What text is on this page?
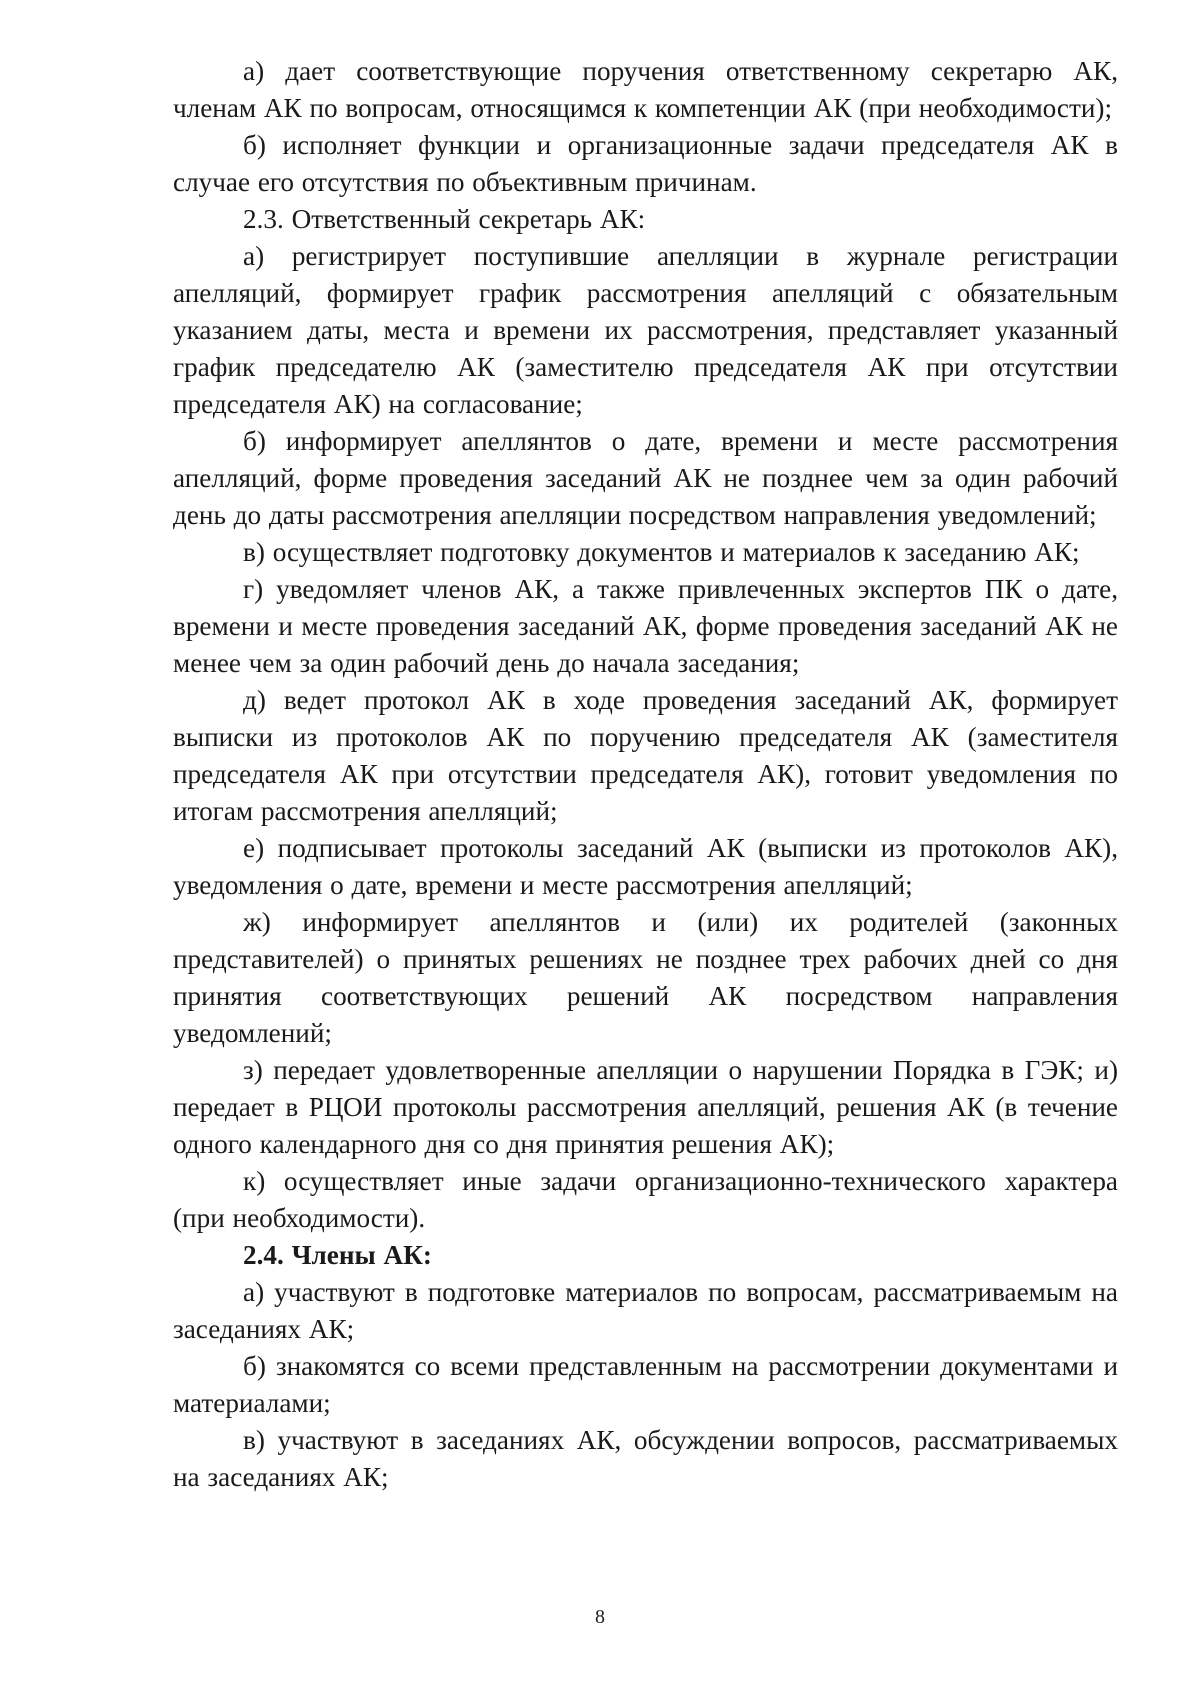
а) дает соответствующие поручения ответственному секретарю АК, членам АК по вопросам, относящимся к компетенции АК (при необходимости);

б) исполняет функции и организационные задачи председателя АК в случае его отсутствия по объективным причинам.

2.3. Ответственный секретарь АК:

а) регистрирует поступившие апелляции в журнале регистрации апелляций, формирует график рассмотрения апелляций с обязательным указанием даты, места и времени их рассмотрения, представляет указанный график председателю АК (заместителю председателя АК при отсутствии председателя АК) на согласование;

б) информирует апеллянтов о дате, времени и месте рассмотрения апелляций, форме проведения заседаний АК не позднее чем за один рабочий день до даты рассмотрения апелляции посредством направления уведомлений;

в) осуществляет подготовку документов и материалов к заседанию АК;

г) уведомляет членов АК, а также привлеченных экспертов ПК о дате, времени и месте проведения заседаний АК, форме проведения заседаний АК не менее чем за один рабочий день до начала заседания;

д) ведет протокол АК в ходе проведения заседаний АК, формирует выписки из протоколов АК по поручению председателя АК (заместителя председателя АК при отсутствии председателя АК), готовит уведомления по итогам рассмотрения апелляций;

е) подписывает протоколы заседаний АК (выписки из протоколов АК), уведомления о дате, времени и месте рассмотрения апелляций;

ж) информирует апеллянтов и (или) их родителей (законных представителей) о принятых решениях не позднее трех рабочих дней со дня принятия соответствующих решений АК посредством направления уведомлений;

з) передает удовлетворенные апелляции о нарушении Порядка в ГЭК; и) передает в РЦОИ протоколы рассмотрения апелляций, решения АК (в течение одного календарного дня со дня принятия решения АК);

к) осуществляет иные задачи организационно-технического характера (при необходимости).

2.4. Члены АК:

а) участвуют в подготовке материалов по вопросам, рассматриваемым на заседаниях АК;

б) знакомятся со всеми представленным на рассмотрении документами и материалами;

в) участвуют в заседаниях АК, обсуждении вопросов, рассматриваемых на заседаниях АК;

8
